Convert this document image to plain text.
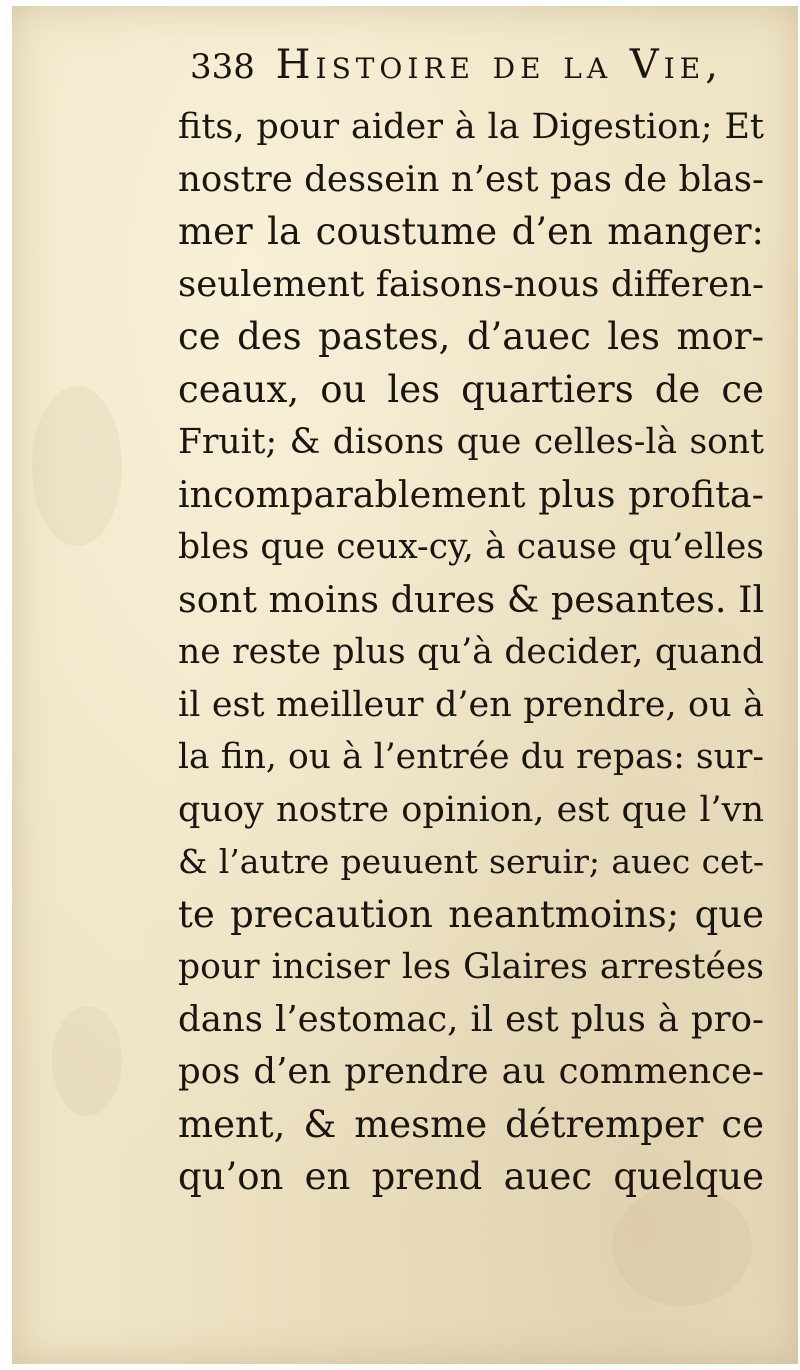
338 Histoire de la Vie,
fits, pour aider à la Digestion; Et
nostre dessein n’est pas de blas-
mer la coustume d’en manger:
seulement faisons-nous differen-
ce des pastes, d’auec les mor-
ceaux, ou les quartiers de ce
Fruit; & disons que celles-là sont
incomparablement plus profita-
bles que ceux-cy, à cause qu’elles
sont moins dures & pesantes. Il
ne reste plus qu’à decider, quand
il est meilleur d’en prendre, ou à
la fin, ou à l’entrée du repas: sur-
quoy nostre opinion, est que l’vn
& l’autre peuuent seruir; auec cet-
te precaution neantmoins; que
pour inciser les Glaires arrestées
dans l’estomac, il est plus à pro-
pos d’en prendre au commence-
ment, & mesme détremper ce
qu’on en prend auec quelque
